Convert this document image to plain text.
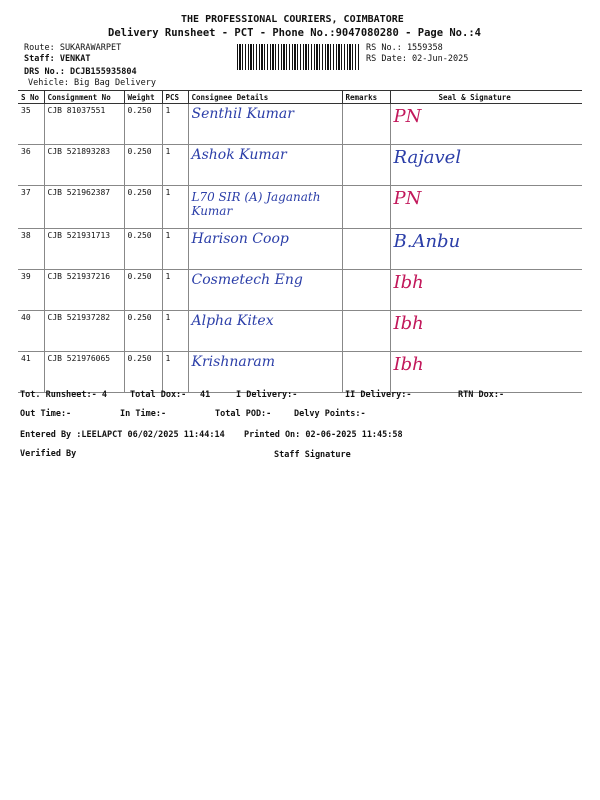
THE PROFESSIONAL COURIERS, COIMBATORE
Delivery Runsheet - PCT - Phone No.:9047080280 - Page No.:4
Route: SUKARAWARPET
Staff: VENKAT
DRS No.: DCJB155935804
Vehicle: Big Bag Delivery
RS No.: 1559358
RS Date: 02-Jun-2025
S No	Consignment No	Weight	PCS	Consignee Details	Remarks	Seal & Signature
35	CJB 81037551	0.250	1	Senthil Kumar		PN
36	CJB 521893283	0.250	1	Ashok Kumar		Rajavel
37	CJB 521962387	0.250	1	L70 SIR (A) Jaganath Kumar		PN
38	CJB 521931713	0.250	1	Harison Coop		B.Anbu
39	CJB 521937216	0.250	1	Cosmetech Eng		Ibh
40	CJB 521937282	0.250	1	Alpha Kitex		Ibh
41	CJB 521976065	0.250	1	Krishnaram		Ibh
Tot. Runsheet:- 4	Total Dox:- 41	I Delivery:-	II Delivery:-	RTN Dox:-
Out Time:-	In Time:-	Total POD:-	Delvy Points:-
Entered By :LEELAPCT 06/02/2025 11:44:14 Printed On: 02-06-2025 11:45:58
Verified By	Staff Signature
